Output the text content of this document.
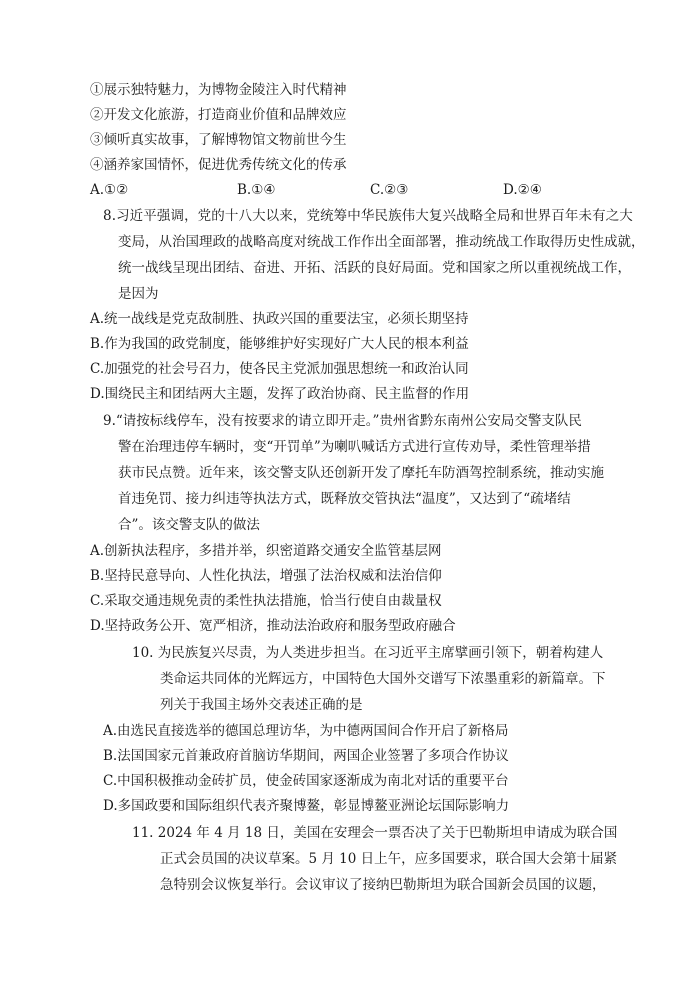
①展示独特魅力，为博物金陵注入时代精神
②开发文化旅游，打造商业价值和品牌效应
③倾听真实故事，了解博物馆文物前世今生
④涵养家国情怀，促进优秀传统文化的传承
A.①②	B.①④	C.②③	D.②④
8.习近平强调，党的十八大以来，党统筹中华民族伟大复兴战略全局和世界百年未有之大
变局，从治国理政的战略高度对统战工作作出全面部署，推动统战工作取得历史性成就，
统一战线呈现出团结、奋进、开拓、活跃的良好局面。党和国家之所以重视统战工作，
是因为
A.统一战线是党克敌制胜、执政兴国的重要法宝，必须长期坚持
B.作为我国的政党制度，能够维护好实现好广大人民的根本利益
C.加强党的社会号召力，使各民主党派加强思想统一和政治认同
D.围绕民主和团结两大主题，发挥了政治协商、民主监督的作用
9.“请按标线停车，没有按要求的请立即开走。”贵州省黔东南州公安局交警支队民
警在治理违停车辆时，变“开罚单”为喇叭喊话方式进行宣传劝导，柔性管理举措
获市民点赞。近年来，该交警支队还创新开发了摩托车防酒驾控制系统，推动实施
首违免罚、接力纠违等执法方式，既释放交管执法“温度”，又达到了“疏堵结
合”。该交警支队的做法
A.创新执法程序，多措并举，织密道路交通安全监管基层网
B.坚持民意导向、人性化执法，增强了法治权威和法治信仰
C.采取交通违规免责的柔性执法措施，恰当行使自由裁量权
D.坚持政务公开、宽严相济，推动法治政府和服务型政府融合
10. 为民族复兴尽责，为人类进步担当。在习近平主席擘画引领下，朝着构建人
类命运共同体的光辉远方，中国特色大国外交谱写下浓墨重彩的新篇章。下
列关于我国主场外交表述正确的是
A.由选民直接选举的德国总理访华，为中德两国间合作开启了新格局
B.法国国家元首兼政府首脑访华期间，两国企业签署了多项合作协议
C.中国积极推动金砖扩员，使金砖国家逐渐成为南北对话的重要平台
D.多国政要和国际组织代表齐聚博鳌，彰显博鳌亚洲论坛国际影响力
11. 2024 年 4 月 18 日，美国在安理会一票否决了关于巴勒斯坦申请成为联合国
正式会员国的决议草案。5 月 10 日上午，应多国要求，联合国大会第十届紧
急特别会议恢复举行。会议审议了接纳巴勒斯坦为联合国新会员国的议题，
